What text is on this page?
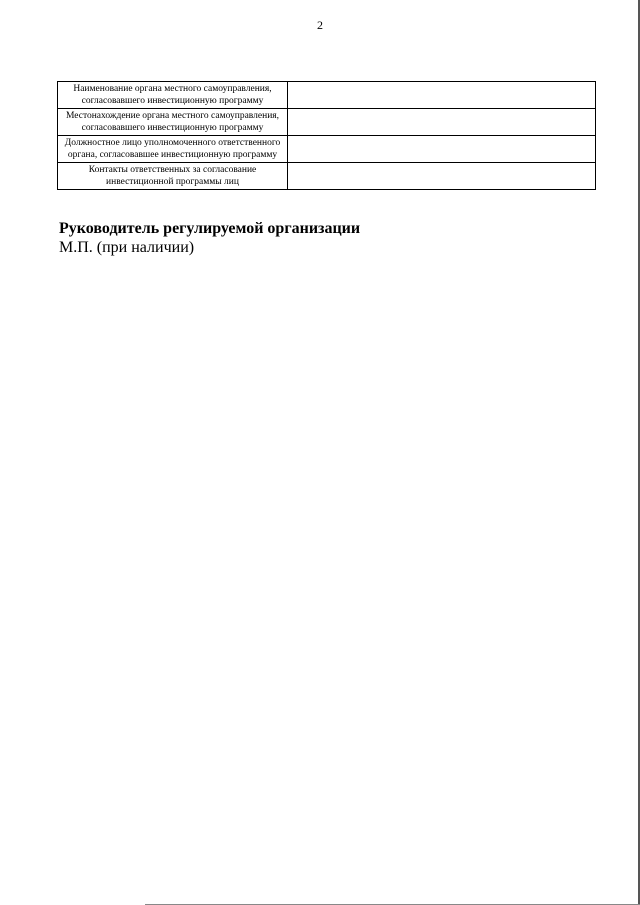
2
Наименование органа местного самоуправления, согласовавшего инвестиционную программу	
Местонахождение органа местного самоуправления, согласовавшего инвестиционную программу	
Должностное лицо уполномоченного ответственного органа, согласовавшее инвестиционную программу	
Контакты ответственных за согласование инвестиционной программы лиц	
Руководитель регулируемой организации
М.П. (при наличии)
